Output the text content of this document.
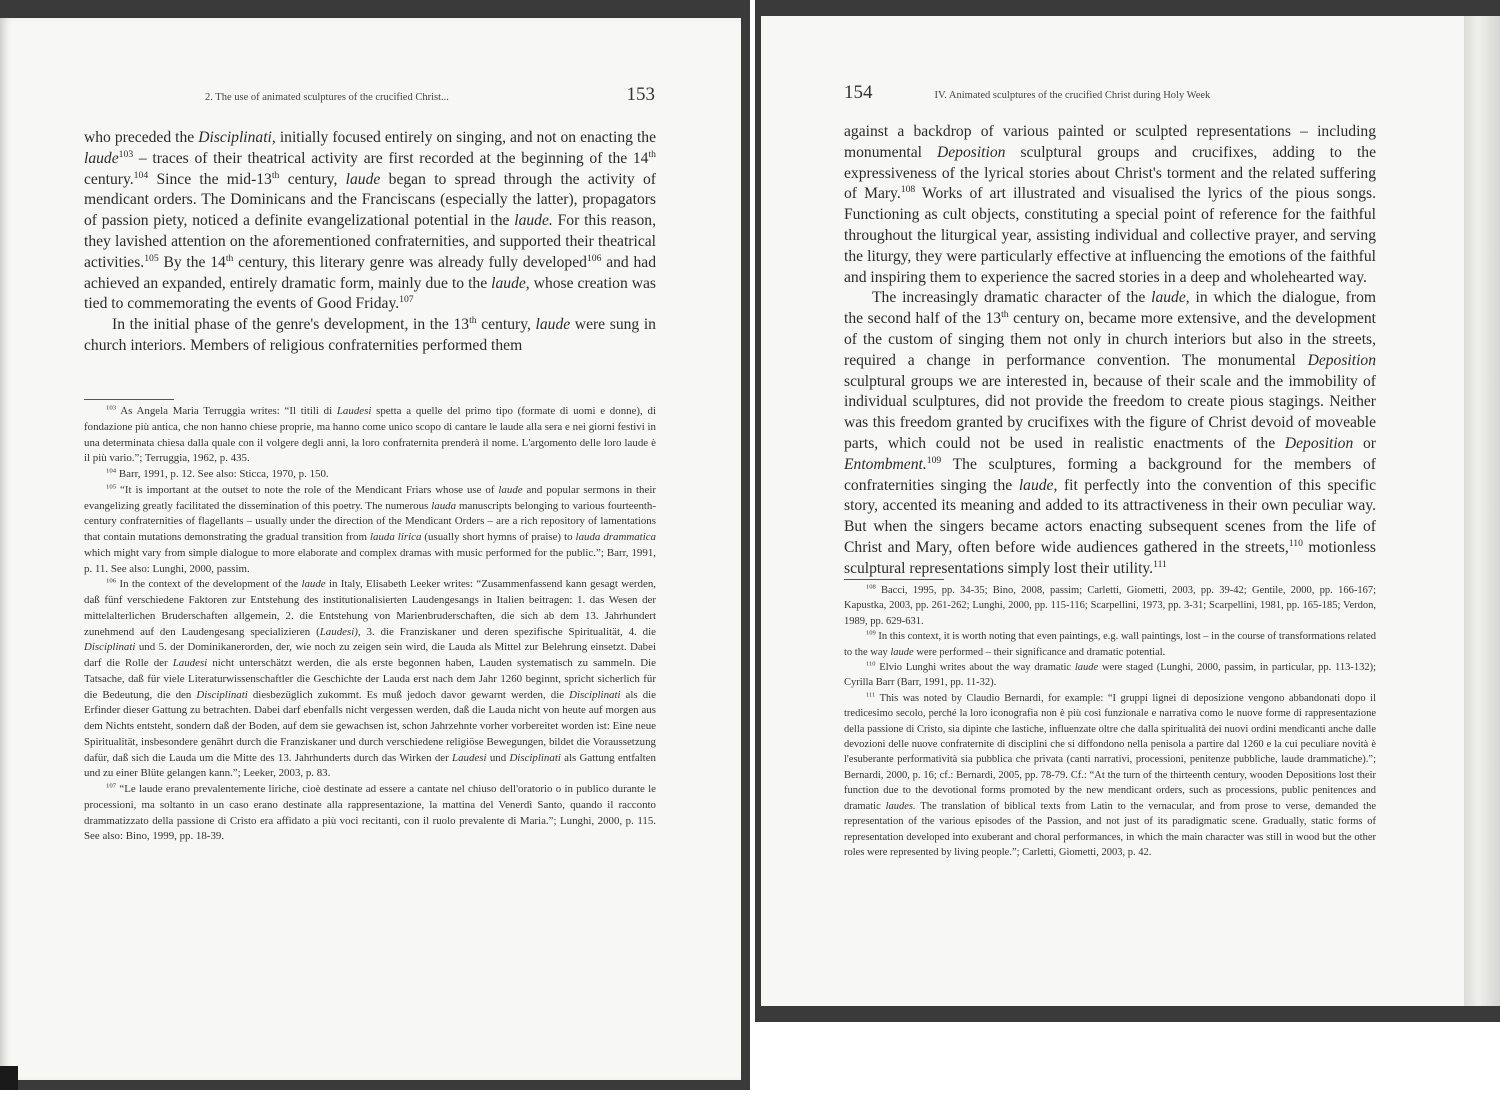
2. The use of animated sculptures of the crucified Christ...	153

who preceded the Disciplinati, initially focused entirely on singing, and not on enacting the laude$^{103}$ – traces of their theatrical activity are first recorded at the beginning of the 14th century.$^{104}$ Since the mid-13th century, laude began to spread through the activity of mendicant orders. The Dominicans and the Franciscans (especially the latter), propagators of passion piety, noticed a definite evangelizational potential in the laude. For this reason, they lavished attention on the aforementioned confraternities, and supported their theatrical activities.$^{105}$ By the 14th century, this literary genre was already fully developed$^{106}$ and had achieved an expanded, entirely dramatic form, mainly due to the laude, whose creation was tied to commemorating the events of Good Friday.$^{107}$

In the initial phase of the genre's development, in the 13th century, laude were sung in church interiors. Members of religious confraternities performed them

$^{103}$ As Angela Maria Terruggia writes: “Il titili di Laudesi spetta a quelle del primo tipo (formate di uomi e donne), di fondazione più antica, che non hanno chiese proprie, ma hanno come unico scopo di cantare le laude alla sera e nei giorni festivi in una determinata chiesa dalla quale con il volgere degli anni, la loro confraternita prenderà il nome. L'argomento delle loro laude è il più vario.”; Terruggia, 1962, p. 435.

$^{104}$ Barr, 1991, p. 12. See also: Sticca, 1970, p. 150.

$^{105}$ “It is important at the outset to note the role of the Mendicant Friars whose use of laude and popular sermons in their evangelizing greatly facilitated the dissemination of this poetry. The numerous lauda manuscripts belonging to various fourteenth-century confraternities of flagellants – usually under the direction of the Mendicant Orders – are a rich repository of lamentations that contain mutations demonstrating the gradual transition from lauda lirica (usually short hymns of praise) to lauda drammatica which might vary from simple dialogue to more elaborate and complex dramas with music performed for the public.”; Barr, 1991, p. 11. See also: Lunghi, 2000, passim.

$^{106}$ In the context of the development of the laude in Italy, Elisabeth Leeker writes: “Zusammenfassend kann gesagt werden, daß fünf verschiedene Faktoren zur Entstehung des institutionalisierten Laudengesangs in Italien beitragen: 1. das Wesen der mittelalterlichen Bruderschaften allgemein, 2. die Entstehung von Marienbruderschaften, die sich ab dem 13. Jahrhundert zunehmend auf den Laudengesang specializieren (Laudesi), 3. die Franziskaner und deren spezifische Spiritualität, 4. die Disciplinati und 5. der Dominikanerorden, der, wie noch zu zeigen sein wird, die Lauda als Mittel zur Belehrung einsetzt. Dabei darf die Rolle der Laudesi nicht unterschätzt werden, die als erste begonnen haben, Lauden systematisch zu sammeln. Die Tatsache, daß für viele Literaturwissenschaftler die Geschichte der Lauda erst nach dem Jahr 1260 beginnt, spricht sicherlich für die Bedeutung, die den Disciplinati diesbezüglich zukommt. Es muß jedoch davor gewarnt werden, die Disciplinati als die Erfinder dieser Gattung zu betrachten. Dabei darf ebenfalls nicht vergessen werden, daß die Lauda nicht von heute auf morgen aus dem Nichts entsteht, sondern daß der Boden, auf dem sie gewachsen ist, schon Jahrzehnte vorher vorbereitet worden ist: Eine neue Spiritualität, insbesondere genährt durch die Franziskaner und durch verschiedene religiöse Bewegungen, bildet die Voraussetzung dafür, daß sich die Lauda um die Mitte des 13. Jahrhunderts durch das Wirken der Laudesi und Disciplinati als Gattung entfalten und zu einer Blüte gelangen kann.”; Leeker, 2003, p. 83.

$^{107}$ “Le laude erano prevalentemente liriche, cioè destinate ad essere a cantate nel chiuso dell'oratorio o in publico durante le processioni, ma soltanto in un caso erano destinate alla rappresentazione, la mattina del Venerdì Santo, quando il racconto drammatizzato della passione di Cristo era affidato a più voci recitanti, con il ruolo prevalente di Maria.”; Lunghi, 2000, p. 115. See also: Bino, 1999, pp. 18-39.

154	IV. Animated sculptures of the crucified Christ during Holy Week

against a backdrop of various painted or sculpted representations – including monumental Deposition sculptural groups and crucifixes, adding to the expressiveness of the lyrical stories about Christ's torment and the related suffering of Mary.$^{108}$ Works of art illustrated and visualised the lyrics of the pious songs. Functioning as cult objects, constituting a special point of reference for the faithful throughout the liturgical year, assisting individual and collective prayer, and serving the liturgy, they were particularly effective at influencing the emotions of the faithful and inspiring them to experience the sacred stories in a deep and wholehearted way.

The increasingly dramatic character of the laude, in which the dialogue, from the second half of the 13th century on, became more extensive, and the development of the custom of singing them not only in church interiors but also in the streets, required a change in performance convention. The monumental Deposition sculptural groups we are interested in, because of their scale and the immobility of individual sculptures, did not provide the freedom to create pious stagings. Neither was this freedom granted by crucifixes with the figure of Christ devoid of moveable parts, which could not be used in realistic enactments of the Deposition or Entombment.$^{109}$ The sculptures, forming a background for the members of confraternities singing the laude, fit perfectly into the convention of this specific story, accented its meaning and added to its attractiveness in their own peculiar way. But when the singers became actors enacting subsequent scenes from the life of Christ and Mary, often before wide audiences gathered in the streets,$^{110}$ motionless sculptural representations simply lost their utility.$^{111}$

$^{108}$ Bacci, 1995, pp. 34-35; Bino, 2008, passim; Carletti, Giometti, 2003, pp. 39-42; Gentile, 2000, pp. 166-167; Kapustka, 2003, pp. 261-262; Lunghi, 2000, pp. 115-116; Scarpellini, 1973, pp. 3-31; Scarpellini, 1981, pp. 165-185; Verdon, 1989, pp. 629-631.

$^{109}$ In this context, it is worth noting that even paintings, e.g. wall paintings, lost – in the course of transformations related to the way laude were performed – their significance and dramatic potential.

$^{110}$ Elvio Lunghi writes about the way dramatic laude were staged (Lunghi, 2000, passim, in particular, pp. 113-132); Cyrilla Barr (Barr, 1991, pp. 11-32).

$^{111}$ This was noted by Claudio Bernardi, for example: “I gruppi lignei di deposizione vengono abbandonati dopo il tredicesimo secolo, perché la loro iconografia non è più così funzionale e narrativa como le nuove forme di rappresentazione della passione di Cristo, sia dipinte che lastiche, influenzate oltre che dalla spiritualità dei nuovi ordini mendicanti anche dalle devozioni delle nuove confraternite di disciplini che si diffondono nella penisola a partire dal 1260 e la cui peculiare novità è l'esuberante performatività sia pubblica che privata (canti narrativi, processioni, penitenze pubbliche, laude drammatiche).”; Bernardi, 2000, p. 16; cf.: Bernardi, 2005, pp. 78-79. Cf.: “At the turn of the thirteenth century, wooden Depositions lost their function due to the devotional forms promoted by the new mendicant orders, such as processions, public penitences and dramatic laudes. The translation of biblical texts from Latin to the vernacular, and from prose to verse, demanded the representation of the various episodes of the Passion, and not just of its paradigmatic scene. Gradually, static forms of representation developed into exuberant and choral performances, in which the main character was still in wood but the other roles were represented by living people.”; Carletti, Giometti, 2003, p. 42.
